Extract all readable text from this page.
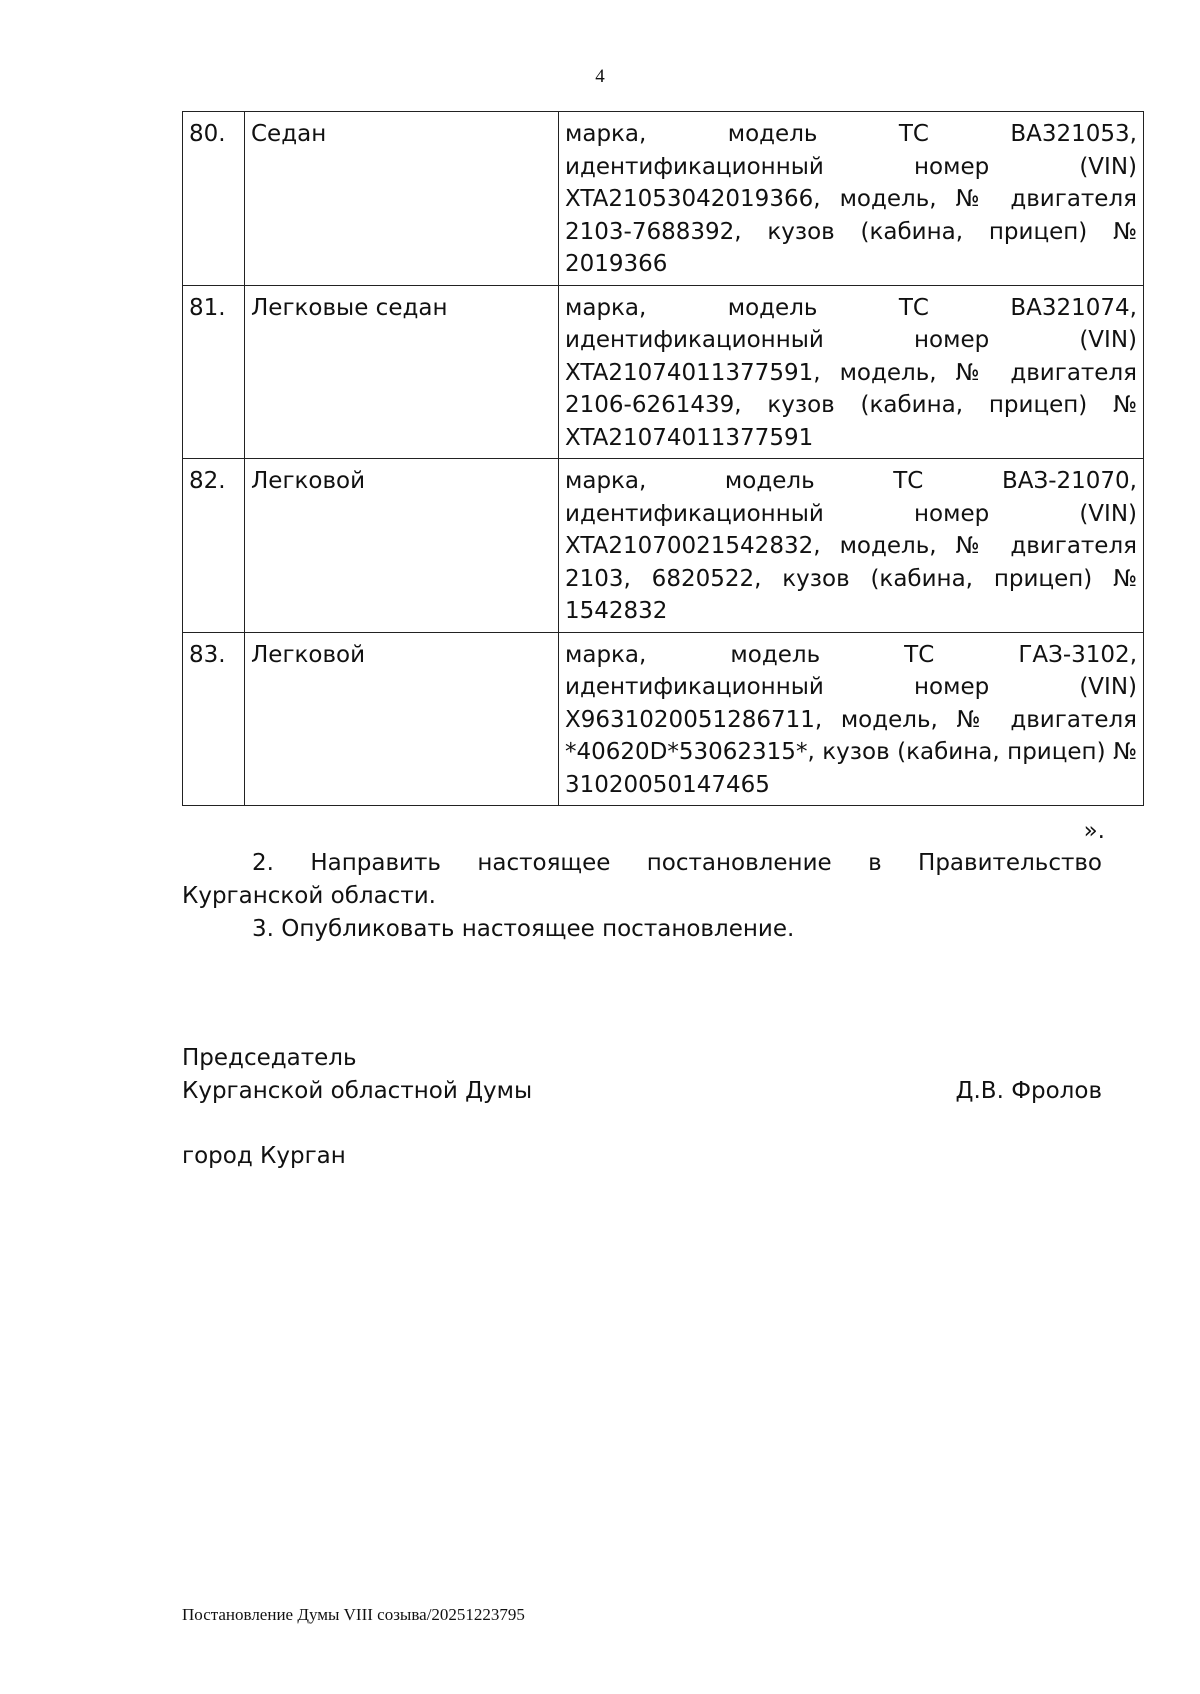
4
80.	Седан	марка, модель ТС ВА321053, идентификационный номер (VIN) XTA21053042019366, модель, № двигателя 2103-7688392, кузов (кабина, прицеп) № 2019366
81.	Легковые седан	марка, модель ТС ВА321074, идентификационный номер (VIN) XTA21074011377591, модель, № двигателя 2106-6261439, кузов (кабина, прицеп) № XTA21074011377591
82.	Легковой	марка, модель ТС ВАЗ-21070, идентификационный номер (VIN) XTA21070021542832, модель, № двигателя 2103, 6820522, кузов (кабина, прицеп) № 1542832
83.	Легковой	марка, модель ТС ГАЗ-3102, идентификационный номер (VIN) X9631020051286711, модель, № двигателя *40620D*53062315*, кузов (кабина, прицеп) № 31020050147465
».
2. Направить настоящее постановление в Правительство Курганской области.
3. Опубликовать настоящее постановление.
Председатель
Курганской областной Думы	Д.В. Фролов
город Курган
Постановление Думы VIII созыва/20251223795
